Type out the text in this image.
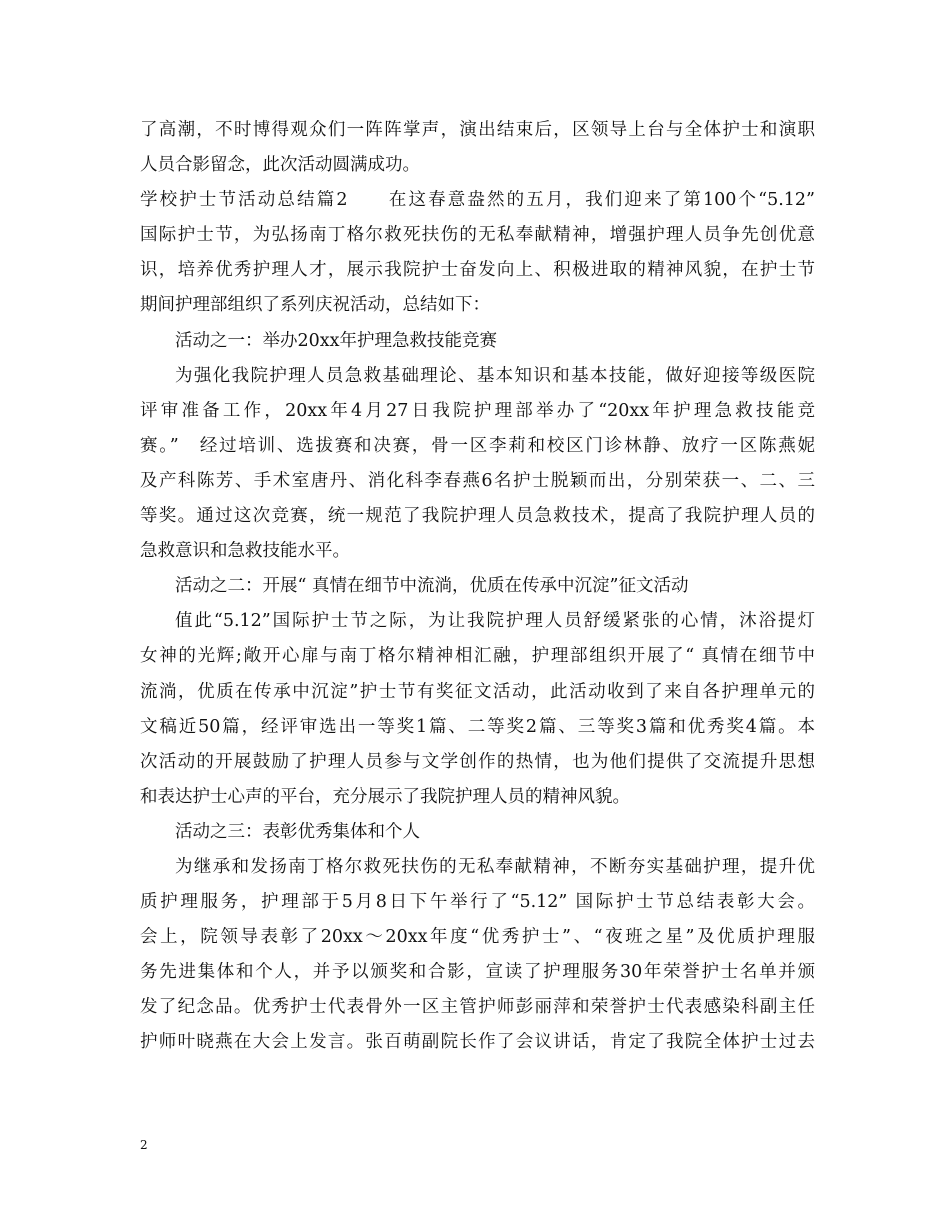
了高潮，不时博得观众们一阵阵掌声，演出结束后，区领导上台与全体护士和演职
人员合影留念，此次活动圆满成功。
学校护士节活动总结篇2　　在这春意盎然的五月，我们迎来了第100个“5.12”
国际护士节，为弘扬南丁格尔救死扶伤的无私奉献精神，增强护理人员争先创优意
识，培养优秀护理人才，展示我院护士奋发向上、积极进取的精神风貌，在护士节
期间护理部组织了系列庆祝活动，总结如下：
活动之一：举办20xx年护理急救技能竞赛
为强化我院护理人员急救基础理论、基本知识和基本技能，做好迎接等级医院
评审准备工作，20xx年4月27日我院护理部举办了“20xx年护理急救技能竞
赛。”　经过培训、选拔赛和决赛，骨一区李莉和校区门诊林静、放疗一区陈燕妮
及产科陈芳、手术室唐丹、消化科李春燕6名护士脱颖而出，分别荣获一、二、三
等奖。通过这次竞赛，统一规范了我院护理人员急救技术，提高了我院护理人员的
急救意识和急救技能水平。
活动之二：开展“ 真情在细节中流淌，优质在传承中沉淀”征文活动
值此“5.12”国际护士节之际，为让我院护理人员舒缓紧张的心情，沐浴提灯
女神的光辉;敞开心扉与南丁格尔精神相汇融，护理部组织开展了“ 真情在细节中
流淌，优质在传承中沉淀”护士节有奖征文活动，此活动收到了来自各护理单元的
文稿近50篇，经评审选出一等奖1篇、二等奖2篇、三等奖3篇和优秀奖4篇。本
次活动的开展鼓励了护理人员参与文学创作的热情，也为他们提供了交流提升思想
和表达护士心声的平台，充分展示了我院护理人员的精神风貌。
活动之三：表彰优秀集体和个人
为继承和发扬南丁格尔救死扶伤的无私奉献精神，不断夯实基础护理，提升优
质护理服务，护理部于5月8日下午举行了“5.12” 国际护士节总结表彰大会。
会上，院领导表彰了20xx～20xx年度“优秀护士”、“夜班之星”及优质护理服
务先进集体和个人，并予以颁奖和合影，宣读了护理服务30年荣誉护士名单并颁
发了纪念品。优秀护士代表骨外一区主管护师彭丽萍和荣誉护士代表感染科副主任
护师叶晓燕在大会上发言。张百萌副院长作了会议讲话，肯定了我院全体护士过去
2
